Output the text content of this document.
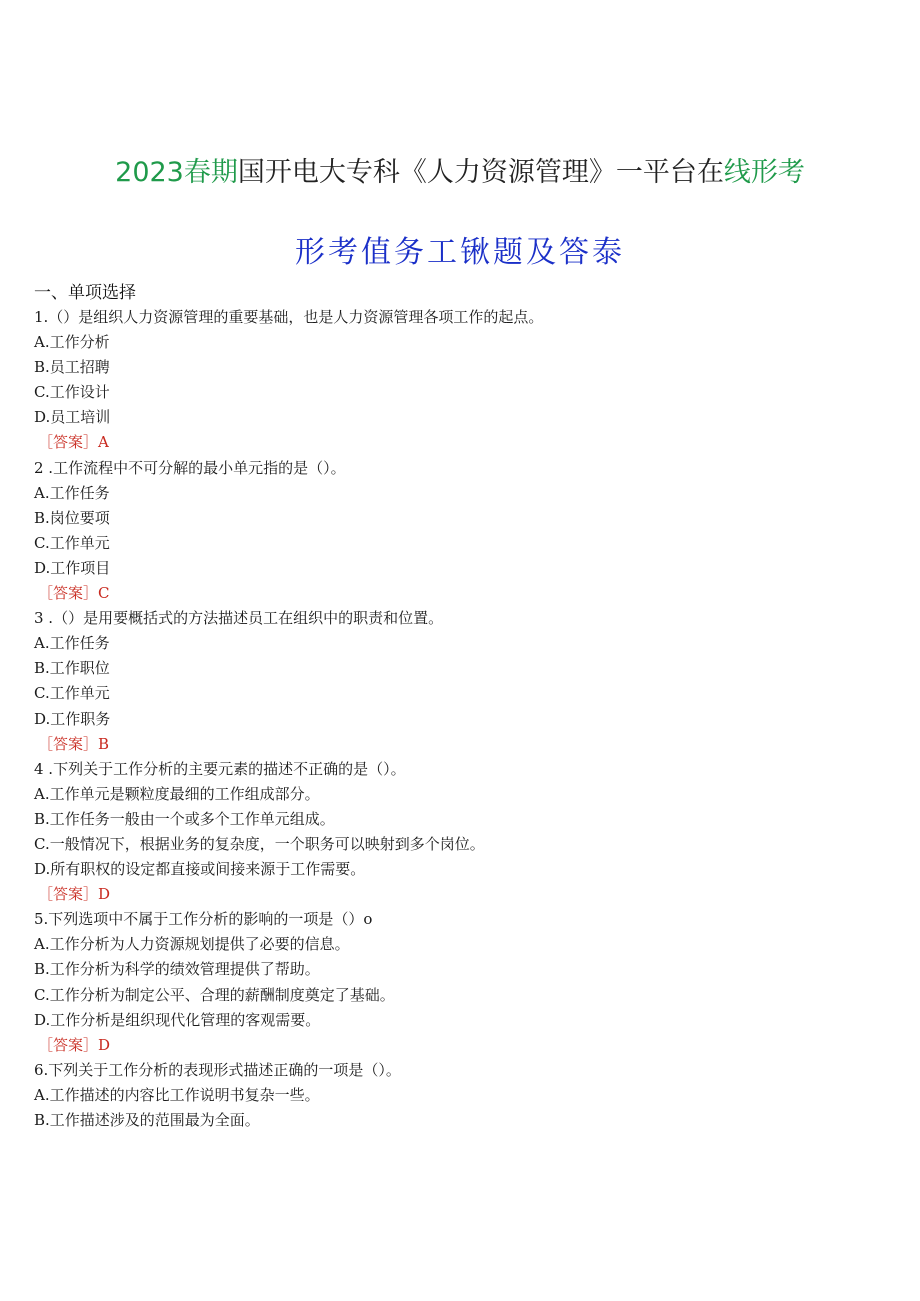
2023春期国开电大专科《人力资源管理》一平台在线形考
形考值务工锹题及答泰
一、单项选择
1.（）是组织人力资源管理的重要基础，也是人力资源管理各项工作的起点。
A.工作分析
B.员工招聘
C.工作设计
D.员工培训
［答案］A
2 .工作流程中不可分解的最小单元指的是（）。
A.工作任务
B.岗位要项
C.工作单元
D.工作项目
［答案］C
3 .（）是用要概括式的方法描述员工在组织中的职责和位置。
A.工作任务
B.工作职位
C.工作单元
D.工作职务
［答案］B
4 .下列关于工作分析的主要元素的描述不正确的是（）。
A.工作单元是颗粒度最细的工作组成部分。
B.工作任务一般由一个或多个工作单元组成。
C.一般情况下，根据业务的复杂度，一个职务可以映射到多个岗位。
D.所有职权的设定都直接或间接来源于工作需要。
［答案］D
5.下列选项中不属于工作分析的影响的一项是（）o
A.工作分析为人力资源规划提供了必要的信息。
B.工作分析为科学的绩效管理提供了帮助。
C.工作分析为制定公平、合理的薪酬制度奠定了基础。
D.工作分析是组织现代化管理的客观需要。
［答案］D
6.下列关于工作分析的表现形式描述正确的一项是（）。
A.工作描述的内容比工作说明书复杂一些。
B.工作描述涉及的范围最为全面。
